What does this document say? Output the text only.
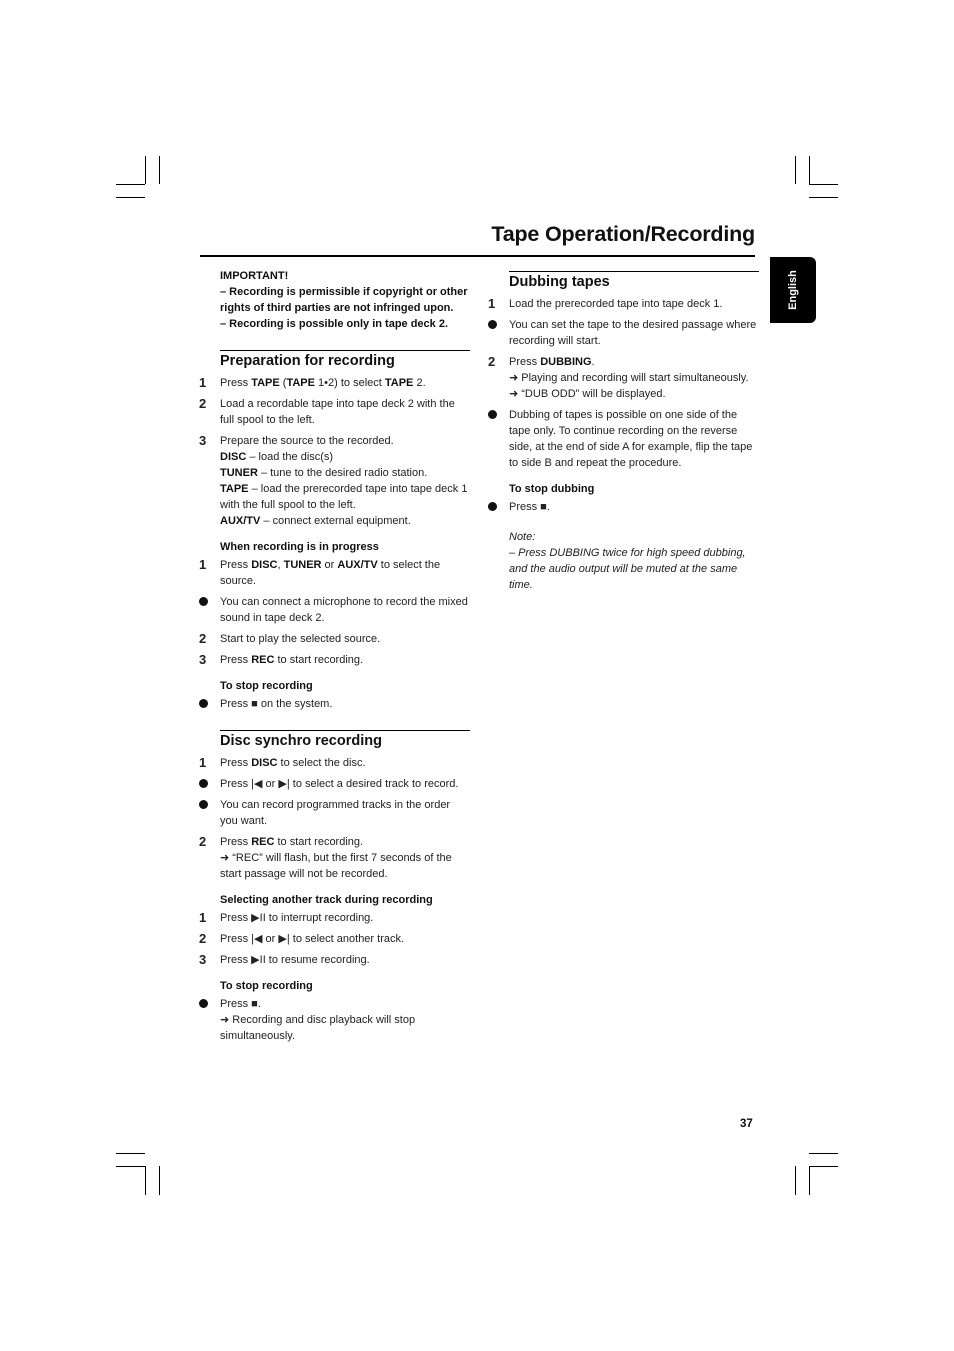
Tape Operation/Recording
English

IMPORTANT!

– Recording is permissible if copyright or other rights of third parties are not infringed upon.

– Recording is possible only in tape deck 2.

Preparation for recording
1	Press TAPE (TAPE 1•2) to select TAPE 2.

2	Load a recordable tape into tape deck 2 with the full spool to the left.

3	Prepare the source to the recorded.

DISC – load the disc(s)

TUNER – tune to the desired radio station.

TAPE – load the prerecorded tape into tape deck 1 with the full spool to the left.

AUX/TV – connect external equipment.

When recording is in progress
1	Press DISC, TUNER or AUX/TV to select the source.

You can connect a microphone to record the mixed sound in tape deck 2.

2	Start to play the selected source.

3	Press REC to start recording.

To stop recording

Press ■ on the system.

Disc synchro recording
1	Press DISC to select the disc.

Press |◀ or ▶| to select a desired track to record.

You can record programmed tracks in the order you want.

2	Press REC to start recording.

➜ “REC” will flash, but the first 7 seconds of the start passage will not be recorded.

Selecting another track during recording
1	Press ▶II to interrupt recording.

2	Press |◀ or ▶| to select another track.

3	Press ▶II to resume recording.

To stop recording

Press ■.

➜ Recording and disc playback will stop simultaneously.

Dubbing tapes
1	Load the prerecorded tape into tape deck 1.

You can set the tape to the desired passage where recording will start.

2	Press DUBBING.

➜ Playing and recording will start simultaneously.

➜ “DUB ODD” will be displayed.

Dubbing of tapes is possible on one side of the tape only. To continue recording on the reverse side, at the end of side A for example, flip the tape to side B and repeat the procedure.

To stop dubbing

Press ■.

Note:

– Press DUBBING twice for high speed dubbing, and the audio output will be muted at the same time.

37
